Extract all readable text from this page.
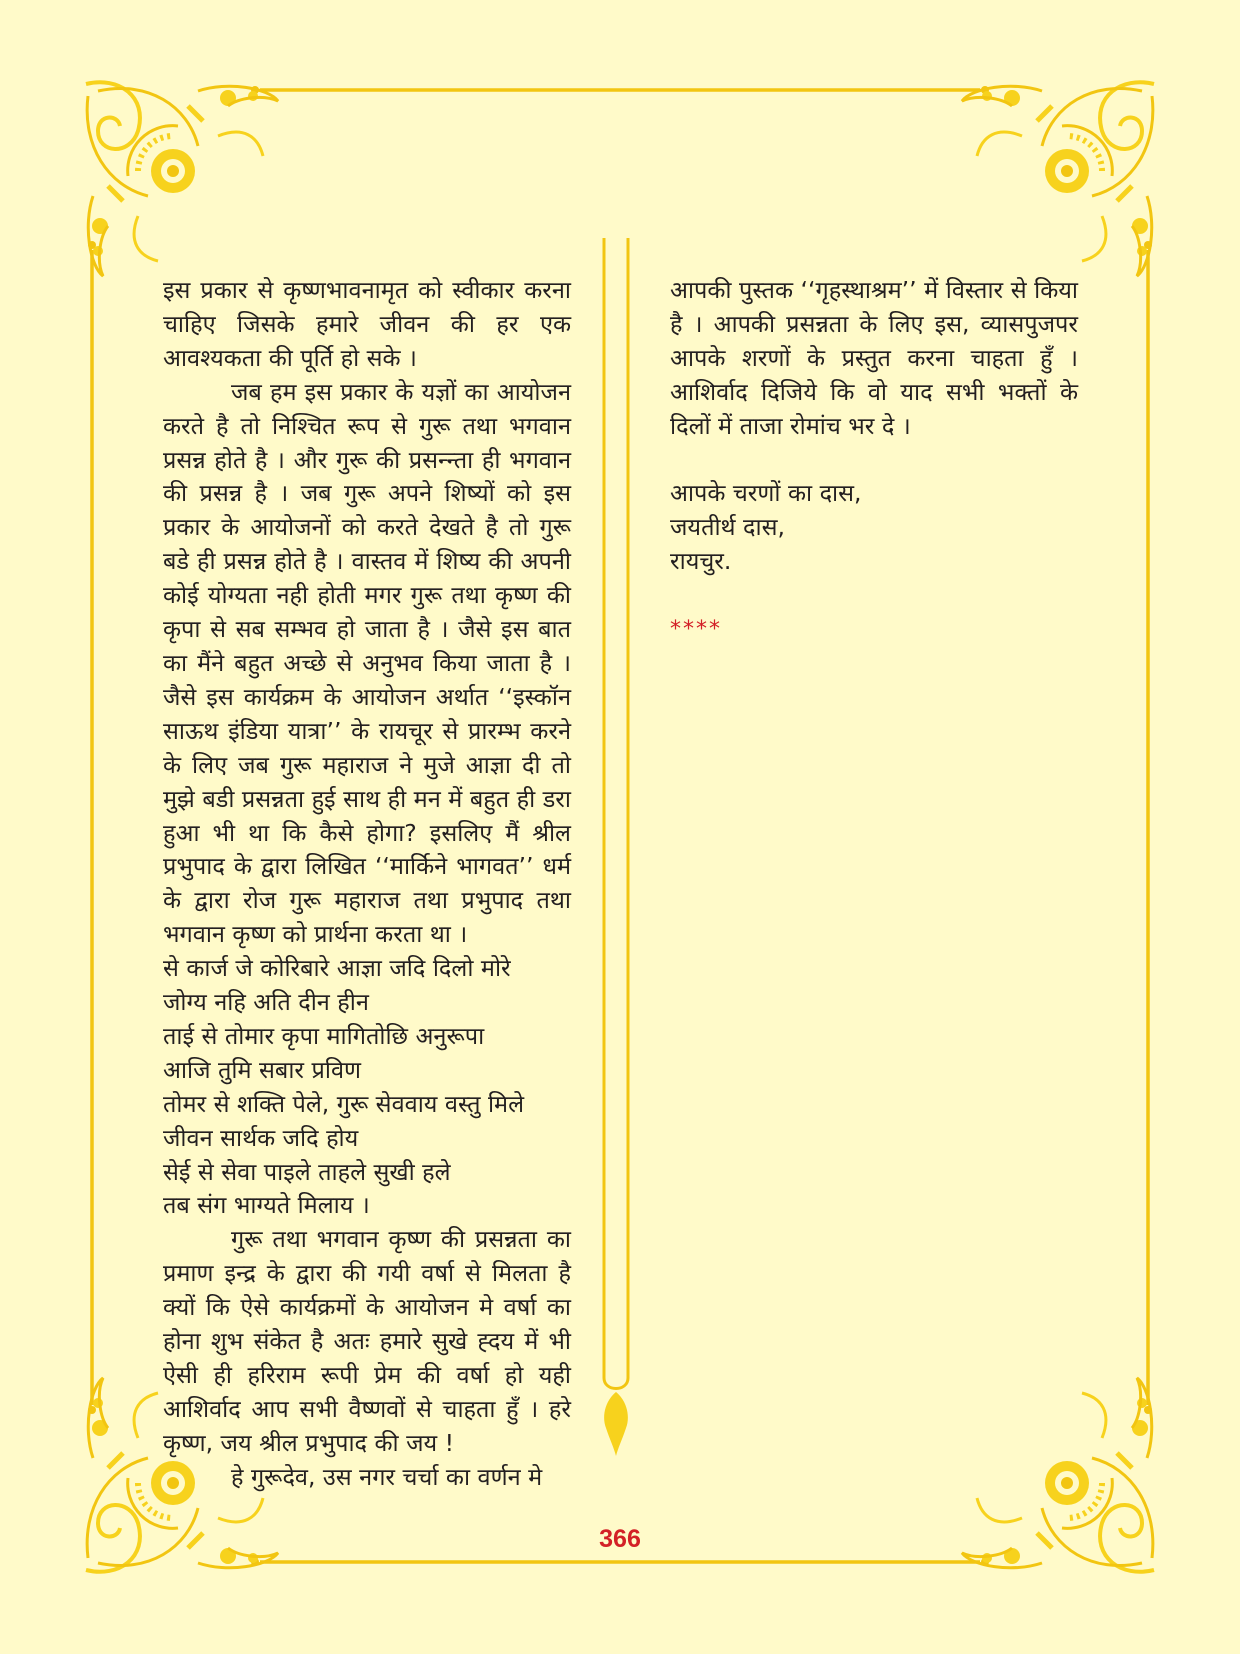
इस प्रकार से कृष्णभावनामृत को स्वीकार करना चाहिए जिसके हमारे जीवन की हर एक आवश्यकता की पूर्ति हो सके ।

जब हम इस प्रकार के यज्ञों का आयोजन करते है तो निश्चित रूप से गुरू तथा भगवान प्रसन्न होते है । और गुरू की प्रसन्न्ता ही भगवान की प्रसन्न है । जब गुरू अपने शिष्यों को इस प्रकार के आयोजनों को करते देखते है तो गुरू बडे ही प्रसन्न होते है । वास्तव में शिष्य की अपनी कोई योग्यता नही होती मगर गुरू तथा कृष्ण की कृपा से सब सम्भव हो जाता है । जैसे इस बात का मैंने बहुत अच्छे से अनुभव किया जाता है । जैसे इस कार्यक्रम के आयोजन अर्थात ‘‘इस्कॉन साऊथ इंडिया यात्रा’’ के रायचूर से प्रारम्भ करने के लिए जब गुरू महाराज ने मुजे आज्ञा दी तो मुझे बडी प्रसन्नता हुई साथ ही मन में बहुत ही डरा हुआ भी था कि कैसे होगा? इसलिए मैं श्रील प्रभुपाद के द्वारा लिखित ‘‘मार्किने भागवत’’ धर्म के द्वारा रोज गुरू महाराज तथा प्रभुपाद तथा भगवान कृष्ण को प्रार्थना करता था ।

से कार्ज जे कोरिबारे आज्ञा जदि दिलो मोरे

जोग्य नहि अति दीन हीन

ताई से तोमार कृपा मागितोछि अनुरूपा

आजि तुमि सबार प्रविण

तोमर से शक्ति पेले, गुरू सेववाय वस्तु मिले

जीवन सार्थक जदि होय

सेई से सेवा पाइले ताहले सुखी हले

तब संग भाग्यते मिलाय ।

गुरू तथा भगवान कृष्ण की प्रसन्नता का प्रमाण इन्द्र के द्वारा की गयी वर्षा से मिलता है क्यों कि ऐसे कार्यक्रमों के आयोजन मे वर्षा का होना शुभ संकेत है अतः हमारे सुखे ह्दय में भी ऐसी ही हरिराम रूपी प्रेम की वर्षा हो यही आशिर्वाद आप सभी वैष्णवों से चाहता हुँ । हरे कृष्ण, जय श्रील प्रभुपाद की जय !

हे गुरूदेव, उस नगर चर्चा का वर्णन मे

आपकी पुस्तक ‘‘गृहस्थाश्रम’’ में विस्तार से किया है । आपकी प्रसन्नता के लिए इस, व्यासपुजपर आपके शरणों के प्रस्तुत करना चाहता हुँ । आशिर्वाद दिजिये कि वो याद सभी भक्तों के दिलों में ताजा रोमांच भर दे ।

आपके चरणों का दास,

जयतीर्थ दास,

रायचुर.

****

366
